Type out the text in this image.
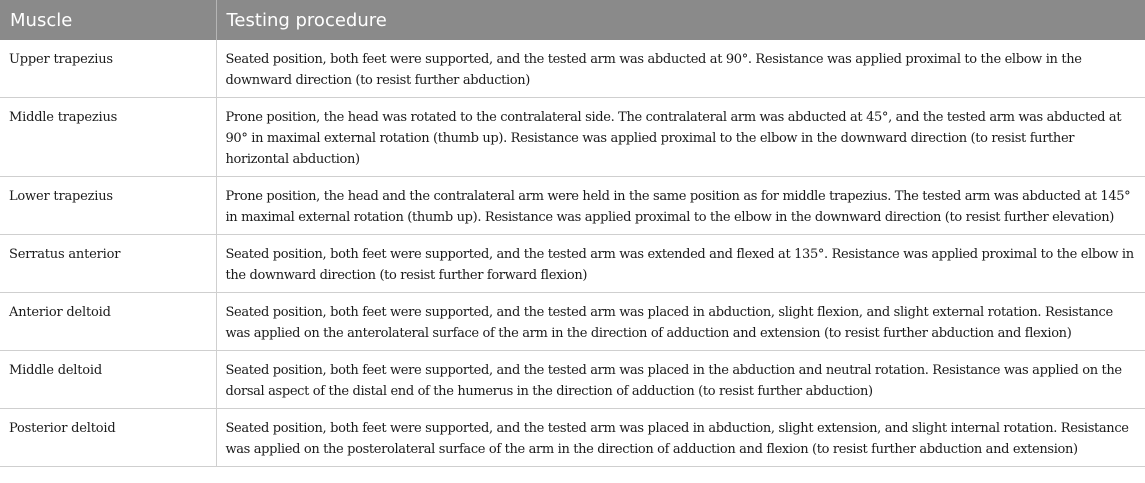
Muscle	Testing procedure
Upper trapezius	Seated position, both feet were supported, and the tested arm was abducted at 90°. Resistance was applied proximal to the elbow in the downward direction (to resist further abduction)
Middle trapezius	Prone position, the head was rotated to the contralateral side. The contralateral arm was abducted at 45°, and the tested arm was abducted at 90° in maximal external rotation (thumb up). Resistance was applied proximal to the elbow in the downward direction (to resist further horizontal abduction)
Lower trapezius	Prone position, the head and the contralateral arm were held in the same position as for middle trapezius. The tested arm was abducted at 145° in maximal external rotation (thumb up). Resistance was applied proximal to the elbow in the downward direction (to resist further elevation)
Serratus anterior	Seated position, both feet were supported, and the tested arm was extended and flexed at 135°. Resistance was applied proximal to the elbow in the downward direction (to resist further forward flexion)
Anterior deltoid	Seated position, both feet were supported, and the tested arm was placed in abduction, slight flexion, and slight external rotation. Resistance was applied on the anterolateral surface of the arm in the direction of adduction and extension (to resist further abduction and flexion)
Middle deltoid	Seated position, both feet were supported, and the tested arm was placed in the abduction and neutral rotation. Resistance was applied on the dorsal aspect of the distal end of the humerus in the direction of adduction (to resist further abduction)
Posterior deltoid	Seated position, both feet were supported, and the tested arm was placed in abduction, slight extension, and slight internal rotation. Resistance was applied on the posterolateral surface of the arm in the direction of adduction and flexion (to resist further abduction and extension)
